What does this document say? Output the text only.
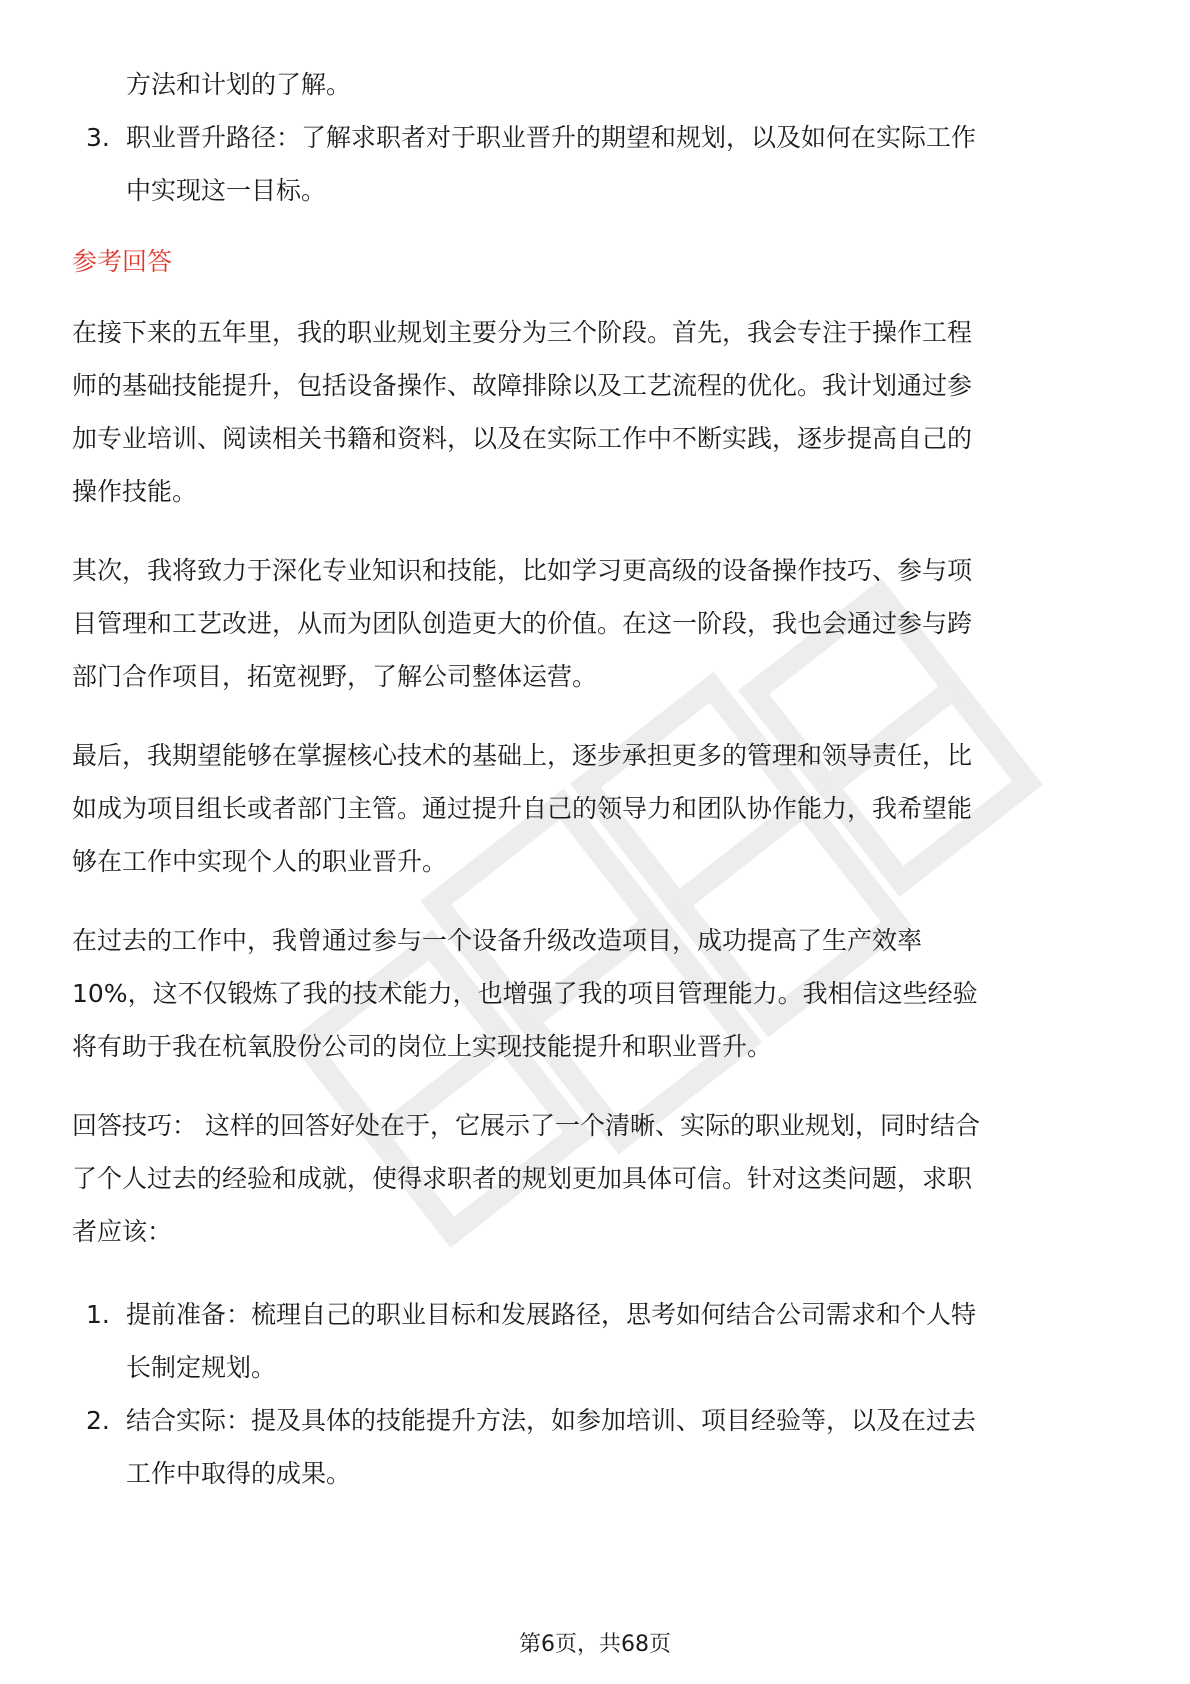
方法和计划的了解。
3. 职业晋升路径：了解求职者对于职业晋升的期望和规划，以及如何在实际工作
中实现这一目标。
参考回答
在接下来的五年里，我的职业规划主要分为三个阶段。首先，我会专注于操作工程
师的基础技能提升，包括设备操作、故障排除以及工艺流程的优化。我计划通过参
加专业培训、阅读相关书籍和资料，以及在实际工作中不断实践，逐步提高自己的
操作技能。
其次，我将致力于深化专业知识和技能，比如学习更高级的设备操作技巧、参与项
目管理和工艺改进，从而为团队创造更大的价值。在这一阶段，我也会通过参与跨
部门合作项目，拓宽视野，了解公司整体运营。
最后，我期望能够在掌握核心技术的基础上，逐步承担更多的管理和领导责任，比
如成为项目组长或者部门主管。通过提升自己的领导力和团队协作能力，我希望能
够在工作中实现个人的职业晋升。
在过去的工作中，我曾通过参与一个设备升级改造项目，成功提高了生产效率
10%，这不仅锻炼了我的技术能力，也增强了我的项目管理能力。我相信这些经验
将有助于我在杭氧股份公司的岗位上实现技能提升和职业晋升。
回答技巧： 这样的回答好处在于，它展示了一个清晰、实际的职业规划，同时结合
了个人过去的经验和成就，使得求职者的规划更加具体可信。针对这类问题，求职
者应该：
1. 提前准备：梳理自己的职业目标和发展路径，思考如何结合公司需求和个人特
长制定规划。
2. 结合实际：提及具体的技能提升方法，如参加培训、项目经验等，以及在过去
工作中取得的成果。
第6页，共68页
